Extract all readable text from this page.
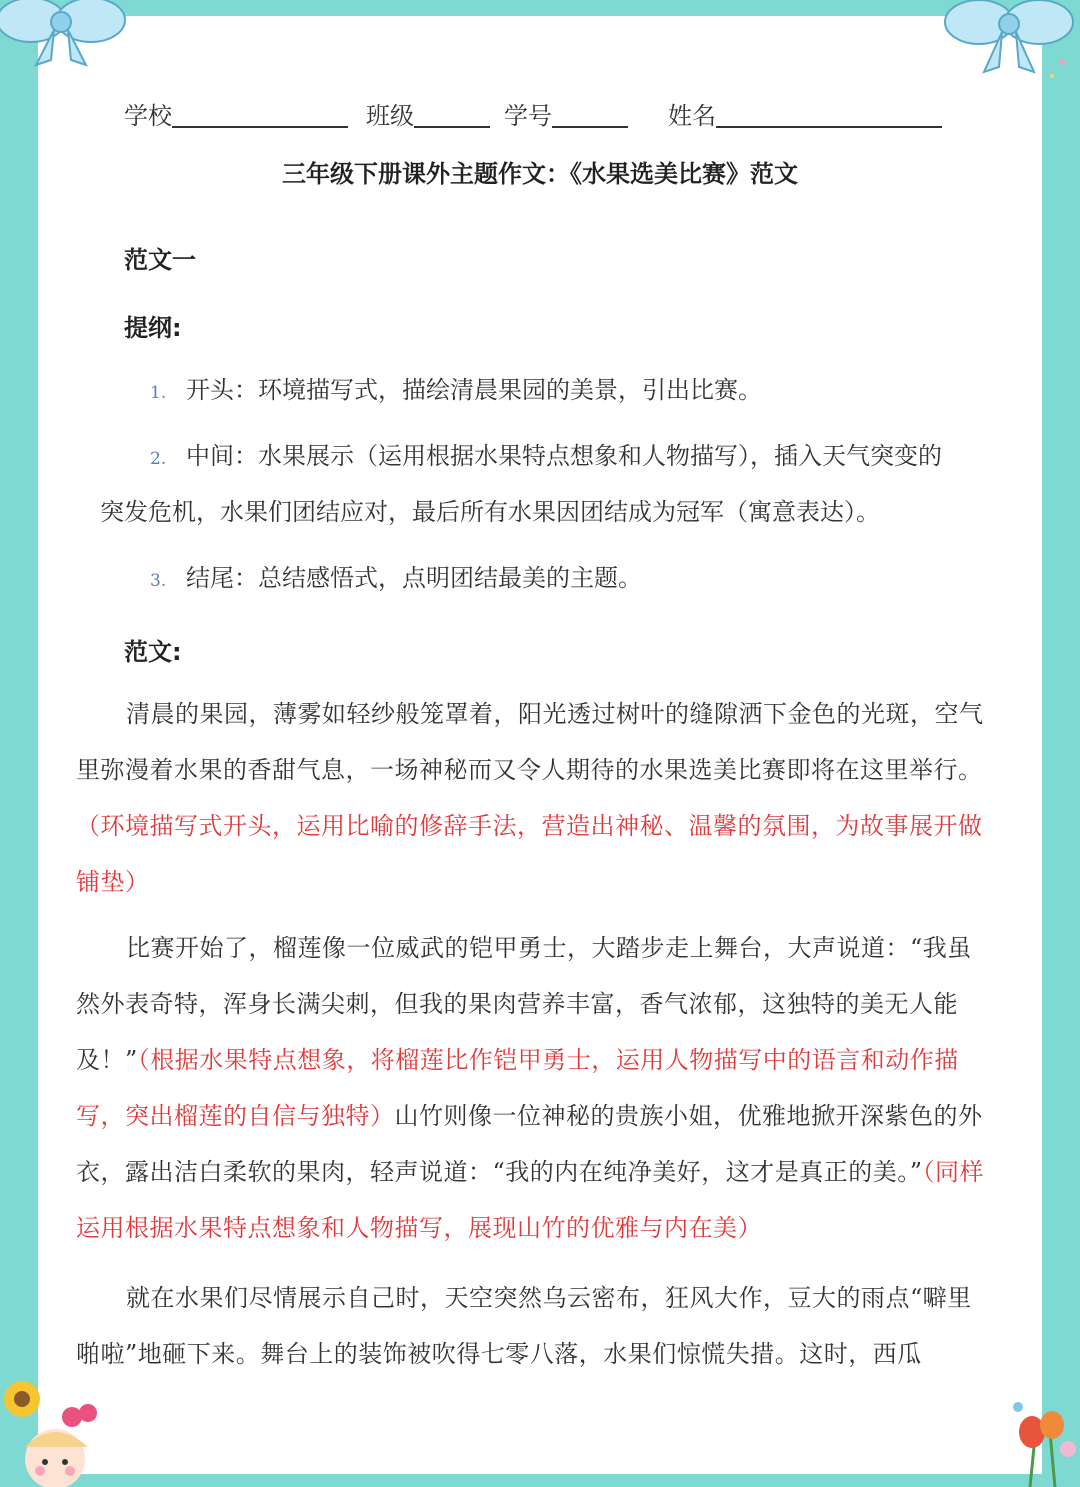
学校	班级	学号	姓名
三年级下册课外主题作文：《水果选美比赛》范文
范文一
提纲:
1. 开头：环境描写式，描绘清晨果园的美景，引出比赛。
2. 中间：水果展示（运用根据水果特点想象和人物描写），插入天气突变的
突发危机，水果们团结应对，最后所有水果因团结成为冠军（寓意表达）。
3. 结尾：总结感悟式，点明团结最美的主题。
范文:
清晨的果园，薄雾如轻纱般笼罩着，阳光透过树叶的缝隙洒下金色的光斑，空气里弥漫着水果的香甜气息，一场神秘而又令人期待的水果选美比赛即将在这里举行。（环境描写式开头，运用比喻的修辞手法，营造出神秘、温馨的氛围，为故事展开做铺垫）
比赛开始了，榴莲像一位威武的铠甲勇士，大踏步走上舞台，大声说道：“我虽然外表奇特，浑身长满尖刺，但我的果肉营养丰富，香气浓郁，这独特的美无人能及！”（根据水果特点想象，将榴莲比作铠甲勇士，运用人物描写中的语言和动作描写，突出榴莲的自信与独特）山竹则像一位神秘的贵族小姐，优雅地掀开深紫色的外衣，露出洁白柔软的果肉，轻声说道：“我的内在纯净美好，这才是真正的美。”（同样运用根据水果特点想象和人物描写，展现山竹的优雅与内在美）
就在水果们尽情展示自己时，天空突然乌云密布，狂风大作，豆大的雨点“噼里啪啦”地砸下来。舞台上的装饰被吹得七零八落，水果们惊慌失措。这时，西瓜
